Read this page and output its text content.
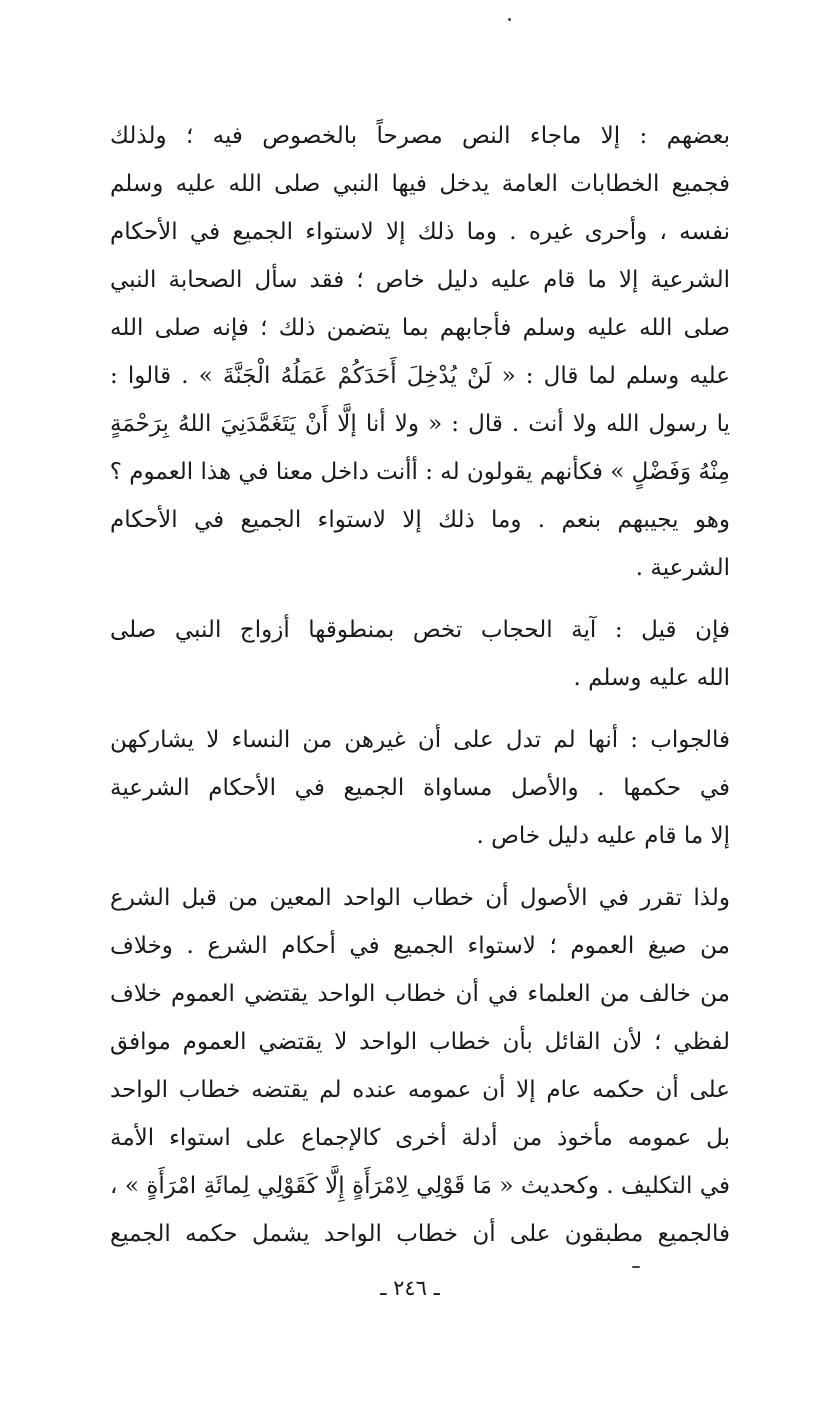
بعضهم : إلا ماجاء النص مصرحاً بالخصوص فيه ؛ ولذلك
فجميع الخطابات العامة يدخل فيها النبي صلى الله عليه وسلم
نفسه ، وأحرى غيره . وما ذلك إلا لاستواء الجميع في الأحكام
الشرعية إلا ما قام عليه دليل خاص ؛ فقد سأل الصحابة النبي
صلى الله عليه وسلم فأجابهم بما يتضمن ذلك ؛ فإنه صلى الله
عليه وسلم لما قال : « لَنْ يُدْخِلَ أَحَدَكُمْ عَمَلُهُ الْجَنَّةَ » . قالوا :
يا رسول الله ولا أنت . قال : « ولا أنا إلَّا أَنْ يَتَغَمَّدَنِيَ اللهُ بِرَحْمَةٍ
مِنْهُ وَفَضْلٍ » فكأنهم يقولون له : أأنت داخل معنا في هذا العموم ؟
وهو يجيبهم بنعم . وما ذلك إلا لاستواء الجميع في الأحكام
الشرعية .
فإن قيل : آية الحجاب تخص بمنطوقها أزواج النبي صلى
الله عليه وسلم .
فالجواب : أنها لم تدل على أن غيرهن من النساء لا يشاركهن
في حكمها . والأصل مساواة الجميع في الأحكام الشرعية
إلا ما قام عليه دليل خاص .
ولذا تقرر في الأصول أن خطاب الواحد المعين من قبل الشرع
من صيغ العموم ؛ لاستواء الجميع في أحكام الشرع . وخلاف
من خالف من العلماء في أن خطاب الواحد يقتضي العموم خلاف
لفظي ؛ لأن القائل بأن خطاب الواحد لا يقتضي العموم موافق
على أن حكمه عام إلا أن عمومه عنده لم يقتضه خطاب الواحد
بل عمومه مأخوذ من أدلة أخرى كالإجماع على استواء الأمة
في التكليف . وكحديث « مَا قَوْلِي لِامْرَأَةٍ إِلَّا كَقَوْلِي لِمائَةِ امْرَأَةٍ » ،
فالجميع مطبقون على أن خطاب الواحد يشمل حكمه الجميع
ـ ٢٤٦ ـ
